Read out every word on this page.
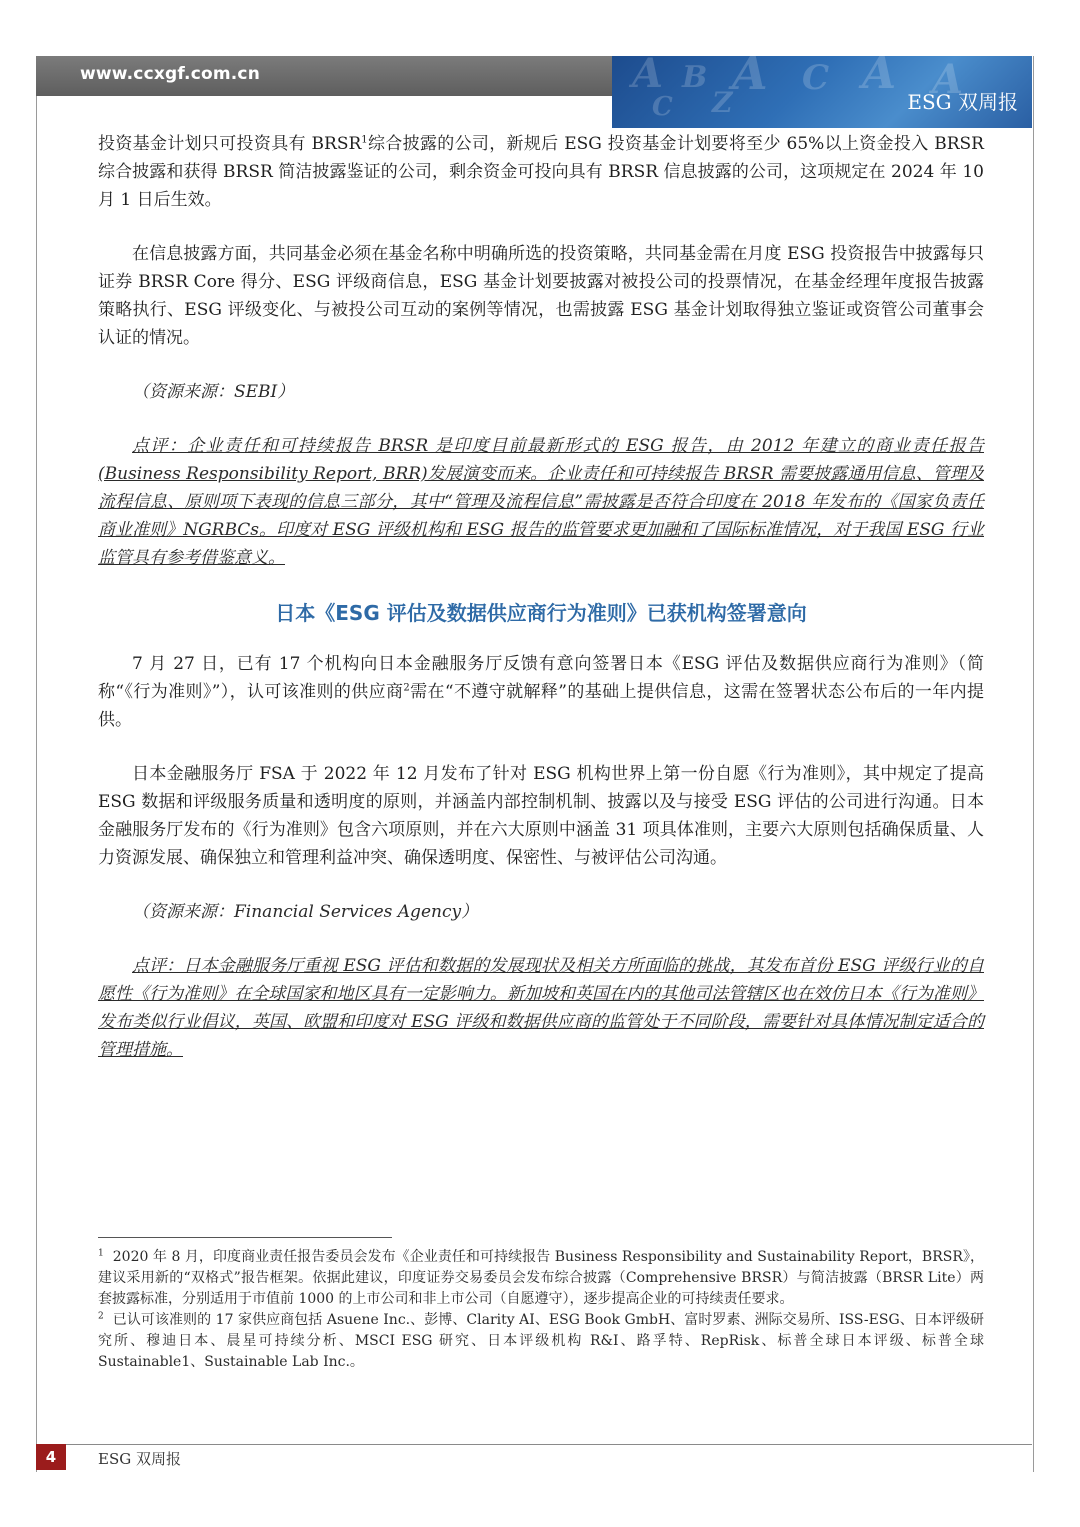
www.ccxgf.com.cn	A B A C A
Z
C
A
ESG 双周报

投资基金计划只可投资具有 BRSR$^1$综合披露的公司，新规后 ESG 投资基金计划要将至少 65%以上资金投入 BRSR 综合披露和获得 BRSR 简洁披露鉴证的公司，剩余资金可投向具有 BRSR 信息披露的公司，这项规定在 2024 年 10 月 1 日后生效。

在信息披露方面，共同基金必须在基金名称中明确所选的投资策略，共同基金需在月度 ESG 投资报告中披露每只证券 BRSR Core 得分、ESG 评级商信息，ESG 基金计划要披露对被投公司的投票情况，在基金经理年度报告披露策略执行、ESG 评级变化、与被投公司互动的案例等情况，也需披露 ESG 基金计划取得独立鉴证或资管公司董事会认证的情况。

（资源来源：SEBI）

点评：企业责任和可持续报告 BRSR 是印度目前最新形式的 ESG 报告，由 2012 年建立的商业责任报告(Business Responsibility Report, BRR)发展演变而来。企业责任和可持续报告 BRSR 需要披露通用信息、管理及流程信息、原则项下表现的信息三部分，其中“管理及流程信息”需披露是否符合印度在 2018 年发布的《国家负责任商业准则》NGRBCs。印度对 ESG 评级机构和 ESG 报告的监管要求更加融和了国际标准情况，对于我国 ESG 行业监管具有参考借鉴意义。

日本《ESG 评估及数据供应商行为准则》已获机构签署意向

7 月 27 日，已有 17 个机构向日本金融服务厅反馈有意向签署日本《ESG 评估及数据供应商行为准则》（简称“《行为准则》”），认可该准则的供应商$^2$需在“不遵守就解释”的基础上提供信息，这需在签署状态公布后的一年内提供。

日本金融服务厅 FSA 于 2022 年 12 月发布了针对 ESG 机构世界上第一份自愿《行为准则》，其中规定了提高 ESG 数据和评级服务质量和透明度的原则，并涵盖内部控制机制、披露以及与接受 ESG 评估的公司进行沟通。日本金融服务厅发布的《行为准则》包含六项原则，并在六大原则中涵盖 31 项具体准则，主要六大原则包括确保质量、人力资源发展、确保独立和管理利益冲突、确保透明度、保密性、与被评估公司沟通。

（资源来源：Financial Services Agency）

点评：日本金融服务厅重视 ESG 评估和数据的发展现状及相关方所面临的挑战，其发布首份 ESG 评级行业的自愿性《行为准则》在全球国家和地区具有一定影响力。新加坡和英国在内的其他司法管辖区也在效仿日本《行为准则》发布类似行业倡议，英国、欧盟和印度对 ESG 评级和数据供应商的监管处于不同阶段，需要针对具体情况制定适合的管理措施。

$^1$ 2020 年 8 月，印度商业责任报告委员会发布《企业责任和可持续报告 Business Responsibility and Sustainability Report，BRSR》，建议采用新的“双格式”报告框架。依据此建议，印度证券交易委员会发布综合披露（Comprehensive BRSR）与简洁披露（BRSR Lite）两套披露标准，分别适用于市值前 1000 的上市公司和非上市公司（自愿遵守），逐步提高企业的可持续责任要求。

$^2$ 已认可该准则的 17 家供应商包括 Asuene Inc.、彭博、Clarity AI、ESG Book GmbH、富时罗素、洲际交易所、ISS-ESG、日本评级研究所、穆迪日本、晨星可持续分析、MSCI ESG 研究、日本评级机构 R&I、路孚特、RepRisk、标普全球日本评级、标普全球 Sustainable1、Sustainable Lab Inc.。

4	ESG 双周报
